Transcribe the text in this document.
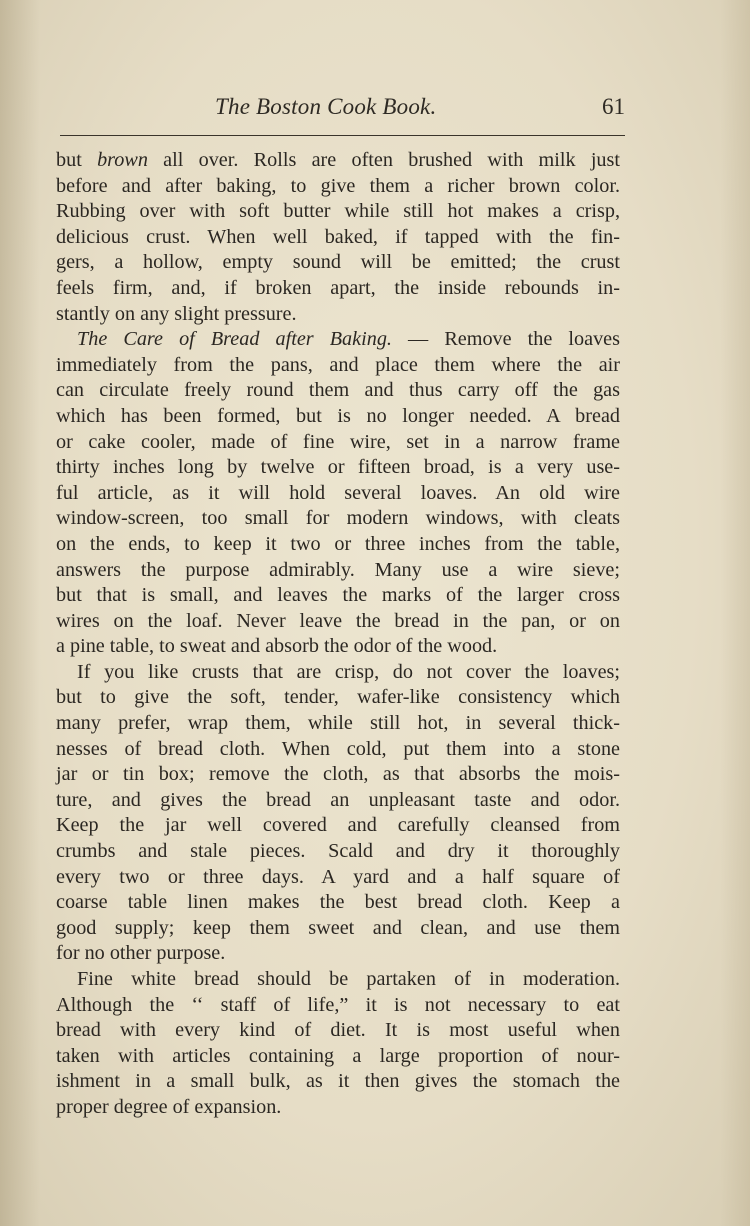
The Boston Cook Book.	61
but brown all over. Rolls are often brushed with milk just
before and after baking, to give them a richer brown color.
Rubbing over with soft butter while still hot makes a crisp,
delicious crust. When well baked, if tapped with the fin-
gers, a hollow, empty sound will be emitted; the crust
feels firm, and, if broken apart, the inside rebounds in-
stantly on any slight pressure.
The Care of Bread after Baking. — Remove the loaves
immediately from the pans, and place them where the air
can circulate freely round them and thus carry off the gas
which has been formed, but is no longer needed. A bread
or cake cooler, made of fine wire, set in a narrow frame
thirty inches long by twelve or fifteen broad, is a very use-
ful article, as it will hold several loaves. An old wire
window-screen, too small for modern windows, with cleats
on the ends, to keep it two or three inches from the table,
answers the purpose admirably. Many use a wire sieve;
but that is small, and leaves the marks of the larger cross
wires on the loaf. Never leave the bread in the pan, or on
a pine table, to sweat and absorb the odor of the wood.
If you like crusts that are crisp, do not cover the loaves;
but to give the soft, tender, wafer-like consistency which
many prefer, wrap them, while still hot, in several thick-
nesses of bread cloth. When cold, put them into a stone
jar or tin box; remove the cloth, as that absorbs the mois-
ture, and gives the bread an unpleasant taste and odor.
Keep the jar well covered and carefully cleansed from
crumbs and stale pieces. Scald and dry it thoroughly
every two or three days. A yard and a half square of
coarse table linen makes the best bread cloth. Keep a
good supply; keep them sweet and clean, and use them
for no other purpose.
Fine white bread should be partaken of in moderation.
Although the ‘‘ staff of life,” it is not necessary to eat
bread with every kind of diet. It is most useful when
taken with articles containing a large proportion of nour-
ishment in a small bulk, as it then gives the stomach the
proper degree of expansion.
